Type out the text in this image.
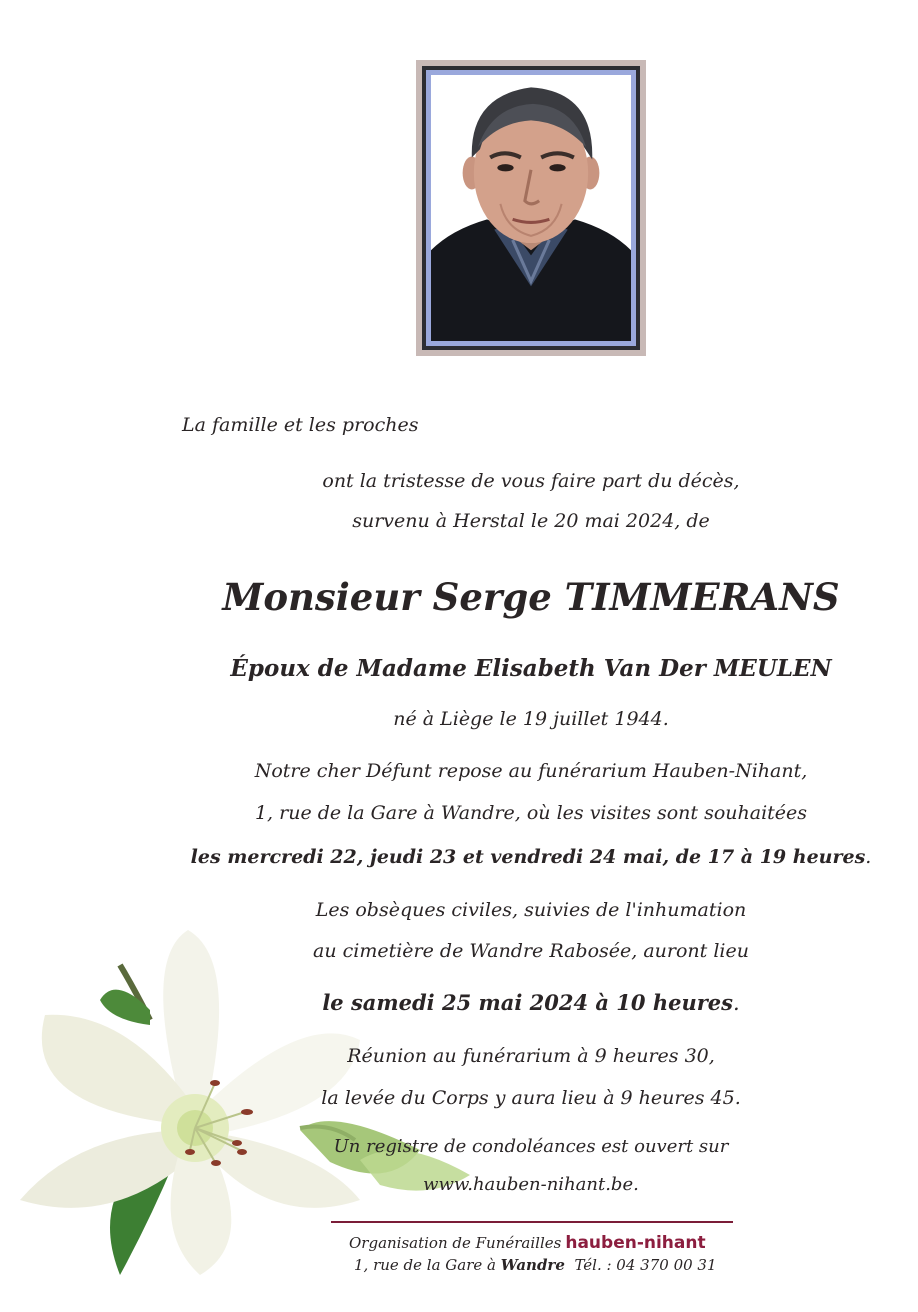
La famille et les proches
ont la tristesse de vous faire part du décès,
survenu à Herstal le 20 mai 2024, de
Monsieur Serge TIMMERANS
Époux de Madame Elisabeth Van Der MEULEN
né à Liège le 19 juillet 1944.
Notre cher Défunt repose au funérarium Hauben-Nihant,
1, rue de la Gare à Wandre, où les visites sont souhaitées
les mercredi 22, jeudi 23 et vendredi 24 mai, de 17 à 19 heures.
Les obsèques civiles, suivies de l'inhumation
au cimetière de Wandre Rabosée, auront lieu
le samedi 25 mai 2024 à 10 heures.
Réunion au funérarium à 9 heures 30,
la levée du Corps y aura lieu à 9 heures 45.
Un registre de condoléances est ouvert sur
www.hauben-nihant.be.
Organisation de Funérailles hauben-nihant
1, rue de la Gare à Wandre Tél. : 04 370 00 31
